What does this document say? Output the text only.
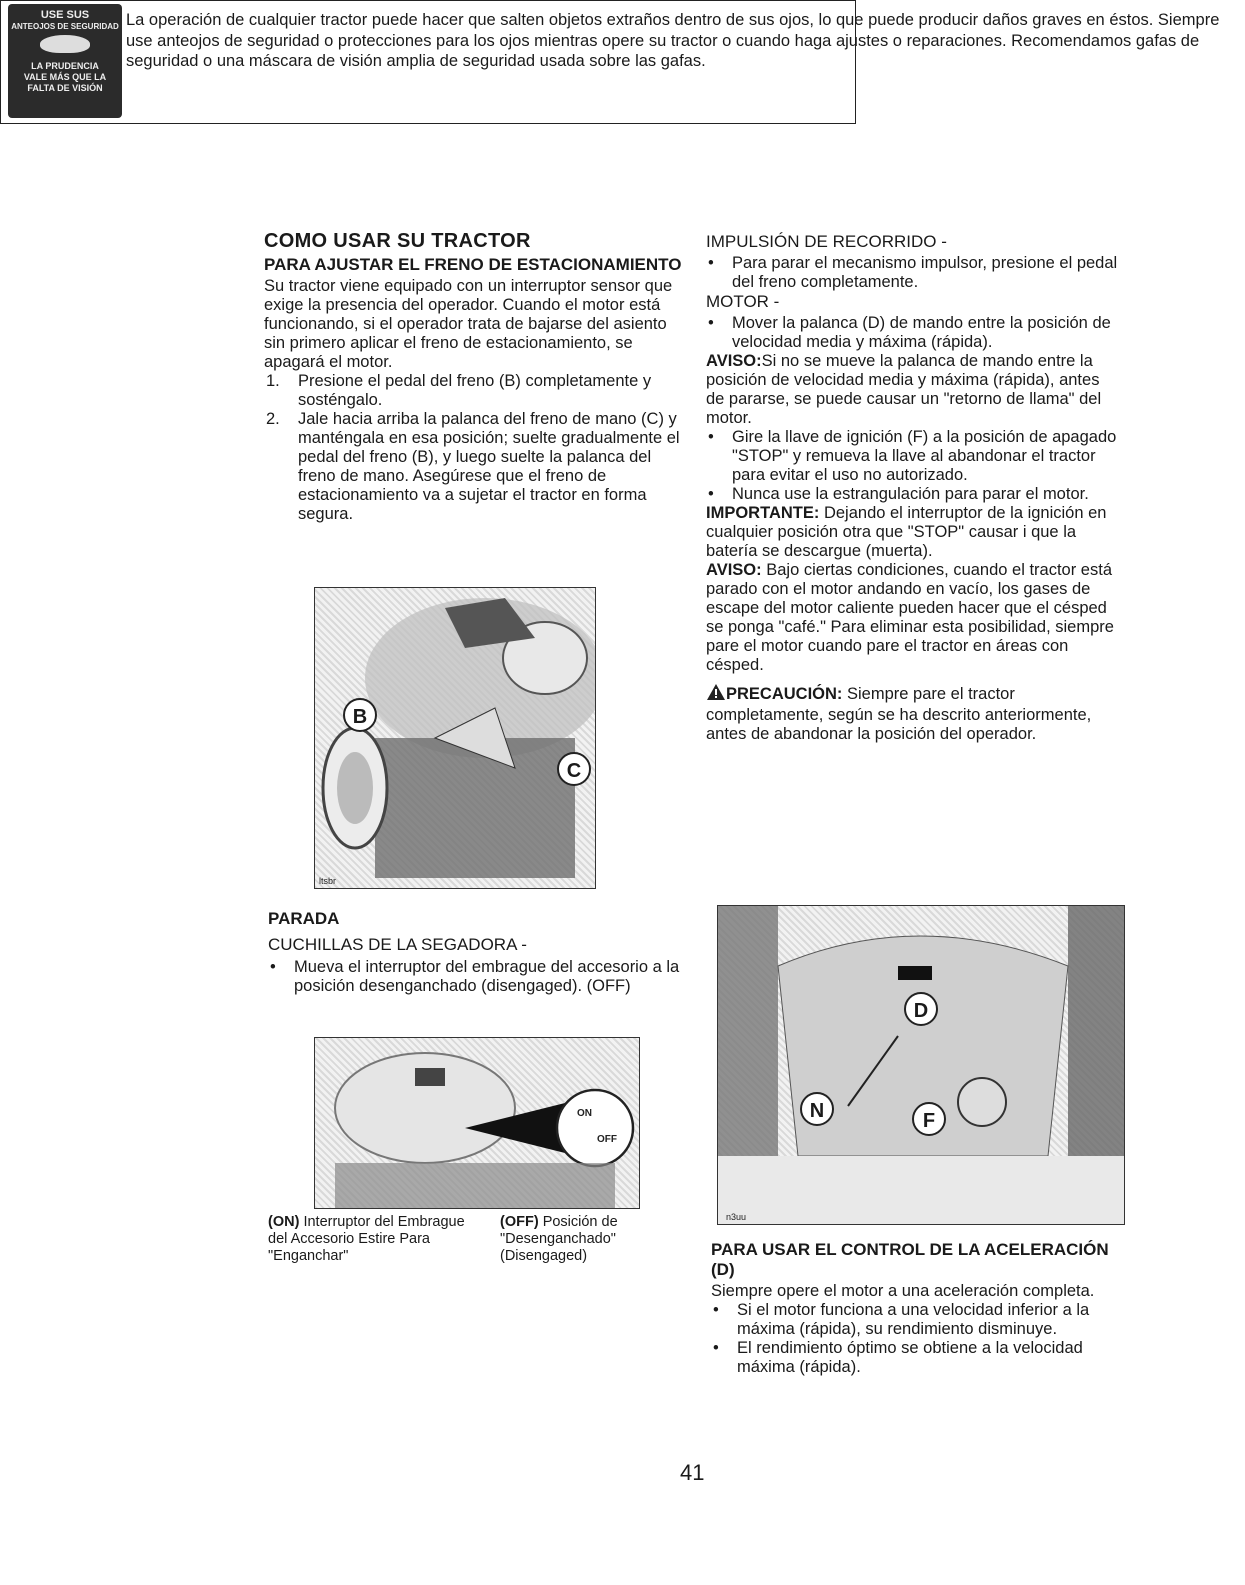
USE SUS
ANTEOJOS DE SEGURIDAD
LA PRUDENCIA
VALE MÁS QUE LA
FALTA DE VISIÓN

La operación de cualquier tractor puede hacer que salten objetos extraños dentro de sus ojos, lo que puede producir daños graves en éstos. Siempre use anteojos de seguridad o protecciones para los ojos mientras opere su tractor o cuando haga ajustes o reparaciones. Recomendamos gafas de seguridad o una máscara de visión amplia de seguridad usada sobre las gafas.

COMO USAR SU TRACTOR
PARA AJUSTAR EL FRENO DE ESTACIONAMIENTO

Su tractor viene equipado con un interruptor sensor que exige la presencia del operador. Cuando el motor está funcionando, si el operador trata de bajarse del asiento sin primero aplicar el freno de estacionamiento, se apagará el motor.

1. Presione el pedal del freno (B) completamente y sosténgalo.
2. Jale hacia arriba la palanca del freno de mano (C) y manténgala en esa posición; suelte gradualmente el pedal del freno (B), y luego suelte la palanca del freno de mano. Asegúrese que el freno de estacionamiento va a sujetar el tractor en forma segura.
B
C
ltsbr
PARADA

CUCHILLAS DE LA SEGADORA -

• Mueva el interruptor del embrague del accesorio a la posición desenganchado (disengaged). (OFF)
ON
OFF
(ON) Interruptor del Embrague del Accesorio Estire Para "Enganchar"
(OFF) Posición de "Desenganchado" (Disengaged)

IMPULSIÓN DE RECORRIDO -

• Para parar el mecanismo impulsor, presione el pedal del freno completamente.

MOTOR -

• Mover la palanca (D) de mando entre la posición de velocidad media y máxima (rápida).

AVISO:Si no se mueve la palanca de mando entre la posición de velocidad media y máxima (rápida), antes de pararse, se puede causar un "retorno de llama" del motor.

• Gire la llave de ignición (F) a la posición de apagado "STOP" y remueva la llave al abandonar el tractor para evitar el uso no autorizado.
• Nunca use la estrangulación para parar el motor.

IMPORTANTE: Dejando el interruptor de la ignición en cualquier posición otra que "STOP" causar i que la batería se descargue (muerta).

AVISO: Bajo ciertas condiciones, cuando el tractor está parado con el motor andando en vacío, los gases de escape del motor caliente pueden hacer que el césped se ponga "café." Para eliminar esta posibilidad, siempre pare el motor cuando pare el tractor en áreas con césped.

PRECAUCIÓN: Siempre pare el tractor completamente, según se ha descrito anteriormente, antes de abandonar la posición del operador.

D
N	F
n3uu
PARA USAR EL CONTROL DE LA ACELERACIÓN (D)

Siempre opere el motor a una aceleración completa.

• Si el motor funciona a una velocidad inferior a la máxima (rápida), su rendimiento disminuye.
• El rendimiento óptimo se obtiene a la velocidad máxima (rápida).
41
